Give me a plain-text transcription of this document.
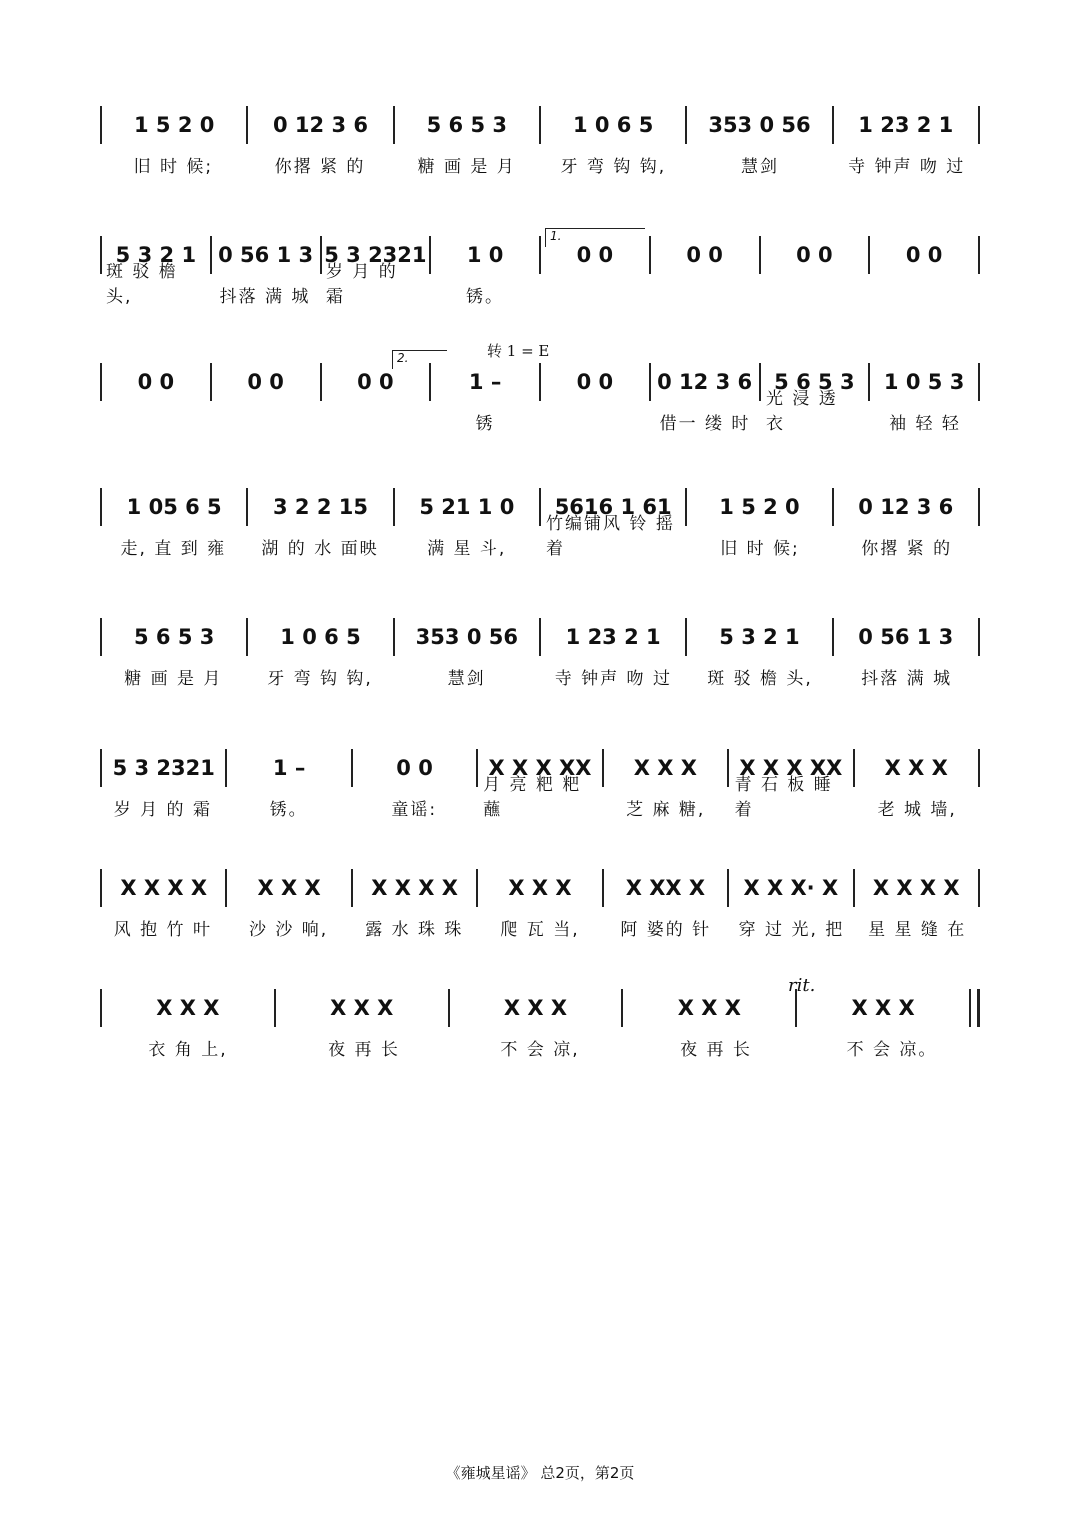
1 5 2 0	0 12 3 6	5 6 5 3	1 0 6 5	353 0 56	1 23 2 1
旧 时 候;	你撂 紧 的	糖 画 是 月	牙 弯 钩 钩,	慧剑	寺 钟声 吻 过
5 3 2 1	0 56 1 3 5 3 2321	1 0	0 0	0 0	0 0	0 0
斑 驳 檐 头,	抖落 满 城
岁 月 的 霜	锈。
0 0	0 0	0 0	1 –	0 0	0 12 3 6	5 6 5 3	1 0 5 3
锈	借一 缕 时
光 浸 透 衣	袖 轻 轻
1 05 6 5	3 2 2 15	5 21 1 0	5616 1 61	1 5 2 0	0 12 3 6
走, 直 到 雍	湖 的 水 面映	满 星 斗,
竹编铺风 铃 摇着	旧 时 候;	你撂 紧 的
5 6 5 3	1 0 6 5	353 0 56	1 23 2 1	5 3 2 1	0 56 1 3
糖 画 是 月	牙 弯 钩 钩,	慧剑	寺 钟声 吻 过	斑 驳 檐 头,	抖落 满 城
5 3 2321	1 –	0 0	X X X XX	X X X	X X X XX	X X X
岁 月 的 霜	锈。	童谣:
月 亮 粑 粑蘸	芝 麻 糖,
青 石 板 睡着	老 城 墙,
X X X X	X X X	X X X X	X X X	X XX X	X X X· X	X X X X
风 抱 竹 叶	沙 沙 响,	露 水 珠 珠	爬 瓦 当,	阿 婆的 针	穿 过 光, 把	星 星 缝 在
X X X	X X X	X X X	X X X	X X X
衣 角 上,	夜 再 长	不 会 凉,	夜 再 长	不 会 凉。
1.
2.	转 1 = E
rit.
《雍城星谣》 总2页，第2页
